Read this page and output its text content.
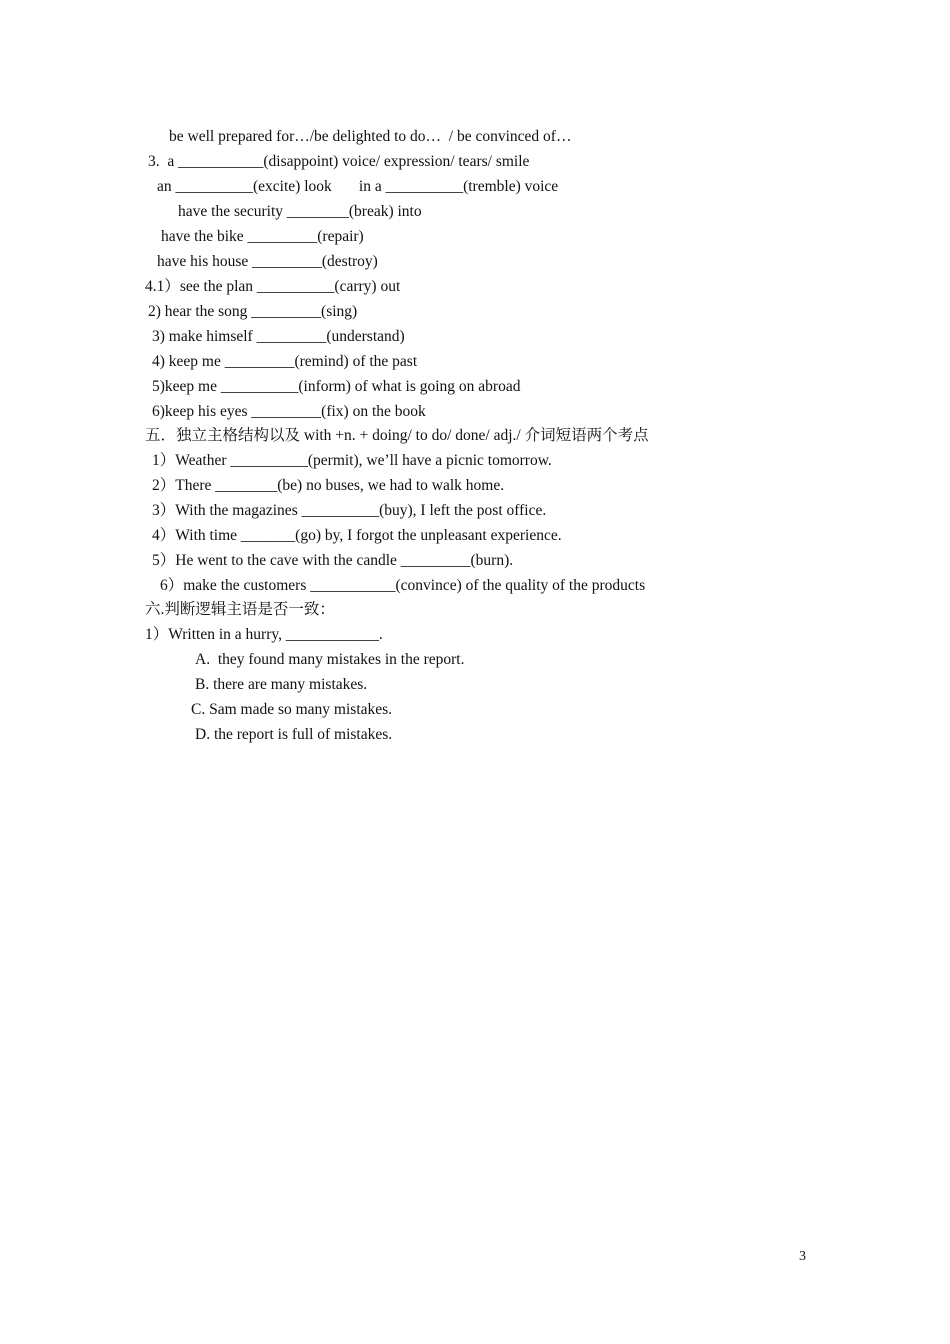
be well prepared for…/be delighted to do…  / be convinced of…
3.  a ___________(disappoint) voice/ expression/ tears/ smile
an __________(excite) look       in a __________(tremble) voice
have the security ________(break) into
have the bike _________(repair)
have his house _________(destroy)
4.1）see the plan __________(carry) out
2) hear the song _________(sing)
3) make himself _________(understand)
4) keep me _________(remind) of the past
5)keep me __________(inform) of what is going on abroad
6)keep his eyes _________(fix) on the book
五．独立主格结构以及 with +n. + doing/ to do/ done/ adj./ 介词短语两个考点
1）Weather __________(permit), we’ll have a picnic tomorrow.
2）There ________(be) no buses, we had to walk home.
3）With the magazines __________(buy), I left the post office.
4）With time _______(go) by, I forgot the unpleasant experience.
5）He went to the cave with the candle _________(burn).
6）make the customers ___________(convince) of the quality of the products
六.判断逻辑主语是否一致：
1）Written in a hurry, ____________.
A.  they found many mistakes in the report.
B. there are many mistakes.
C. Sam made so many mistakes.
D. the report is full of mistakes.
3
